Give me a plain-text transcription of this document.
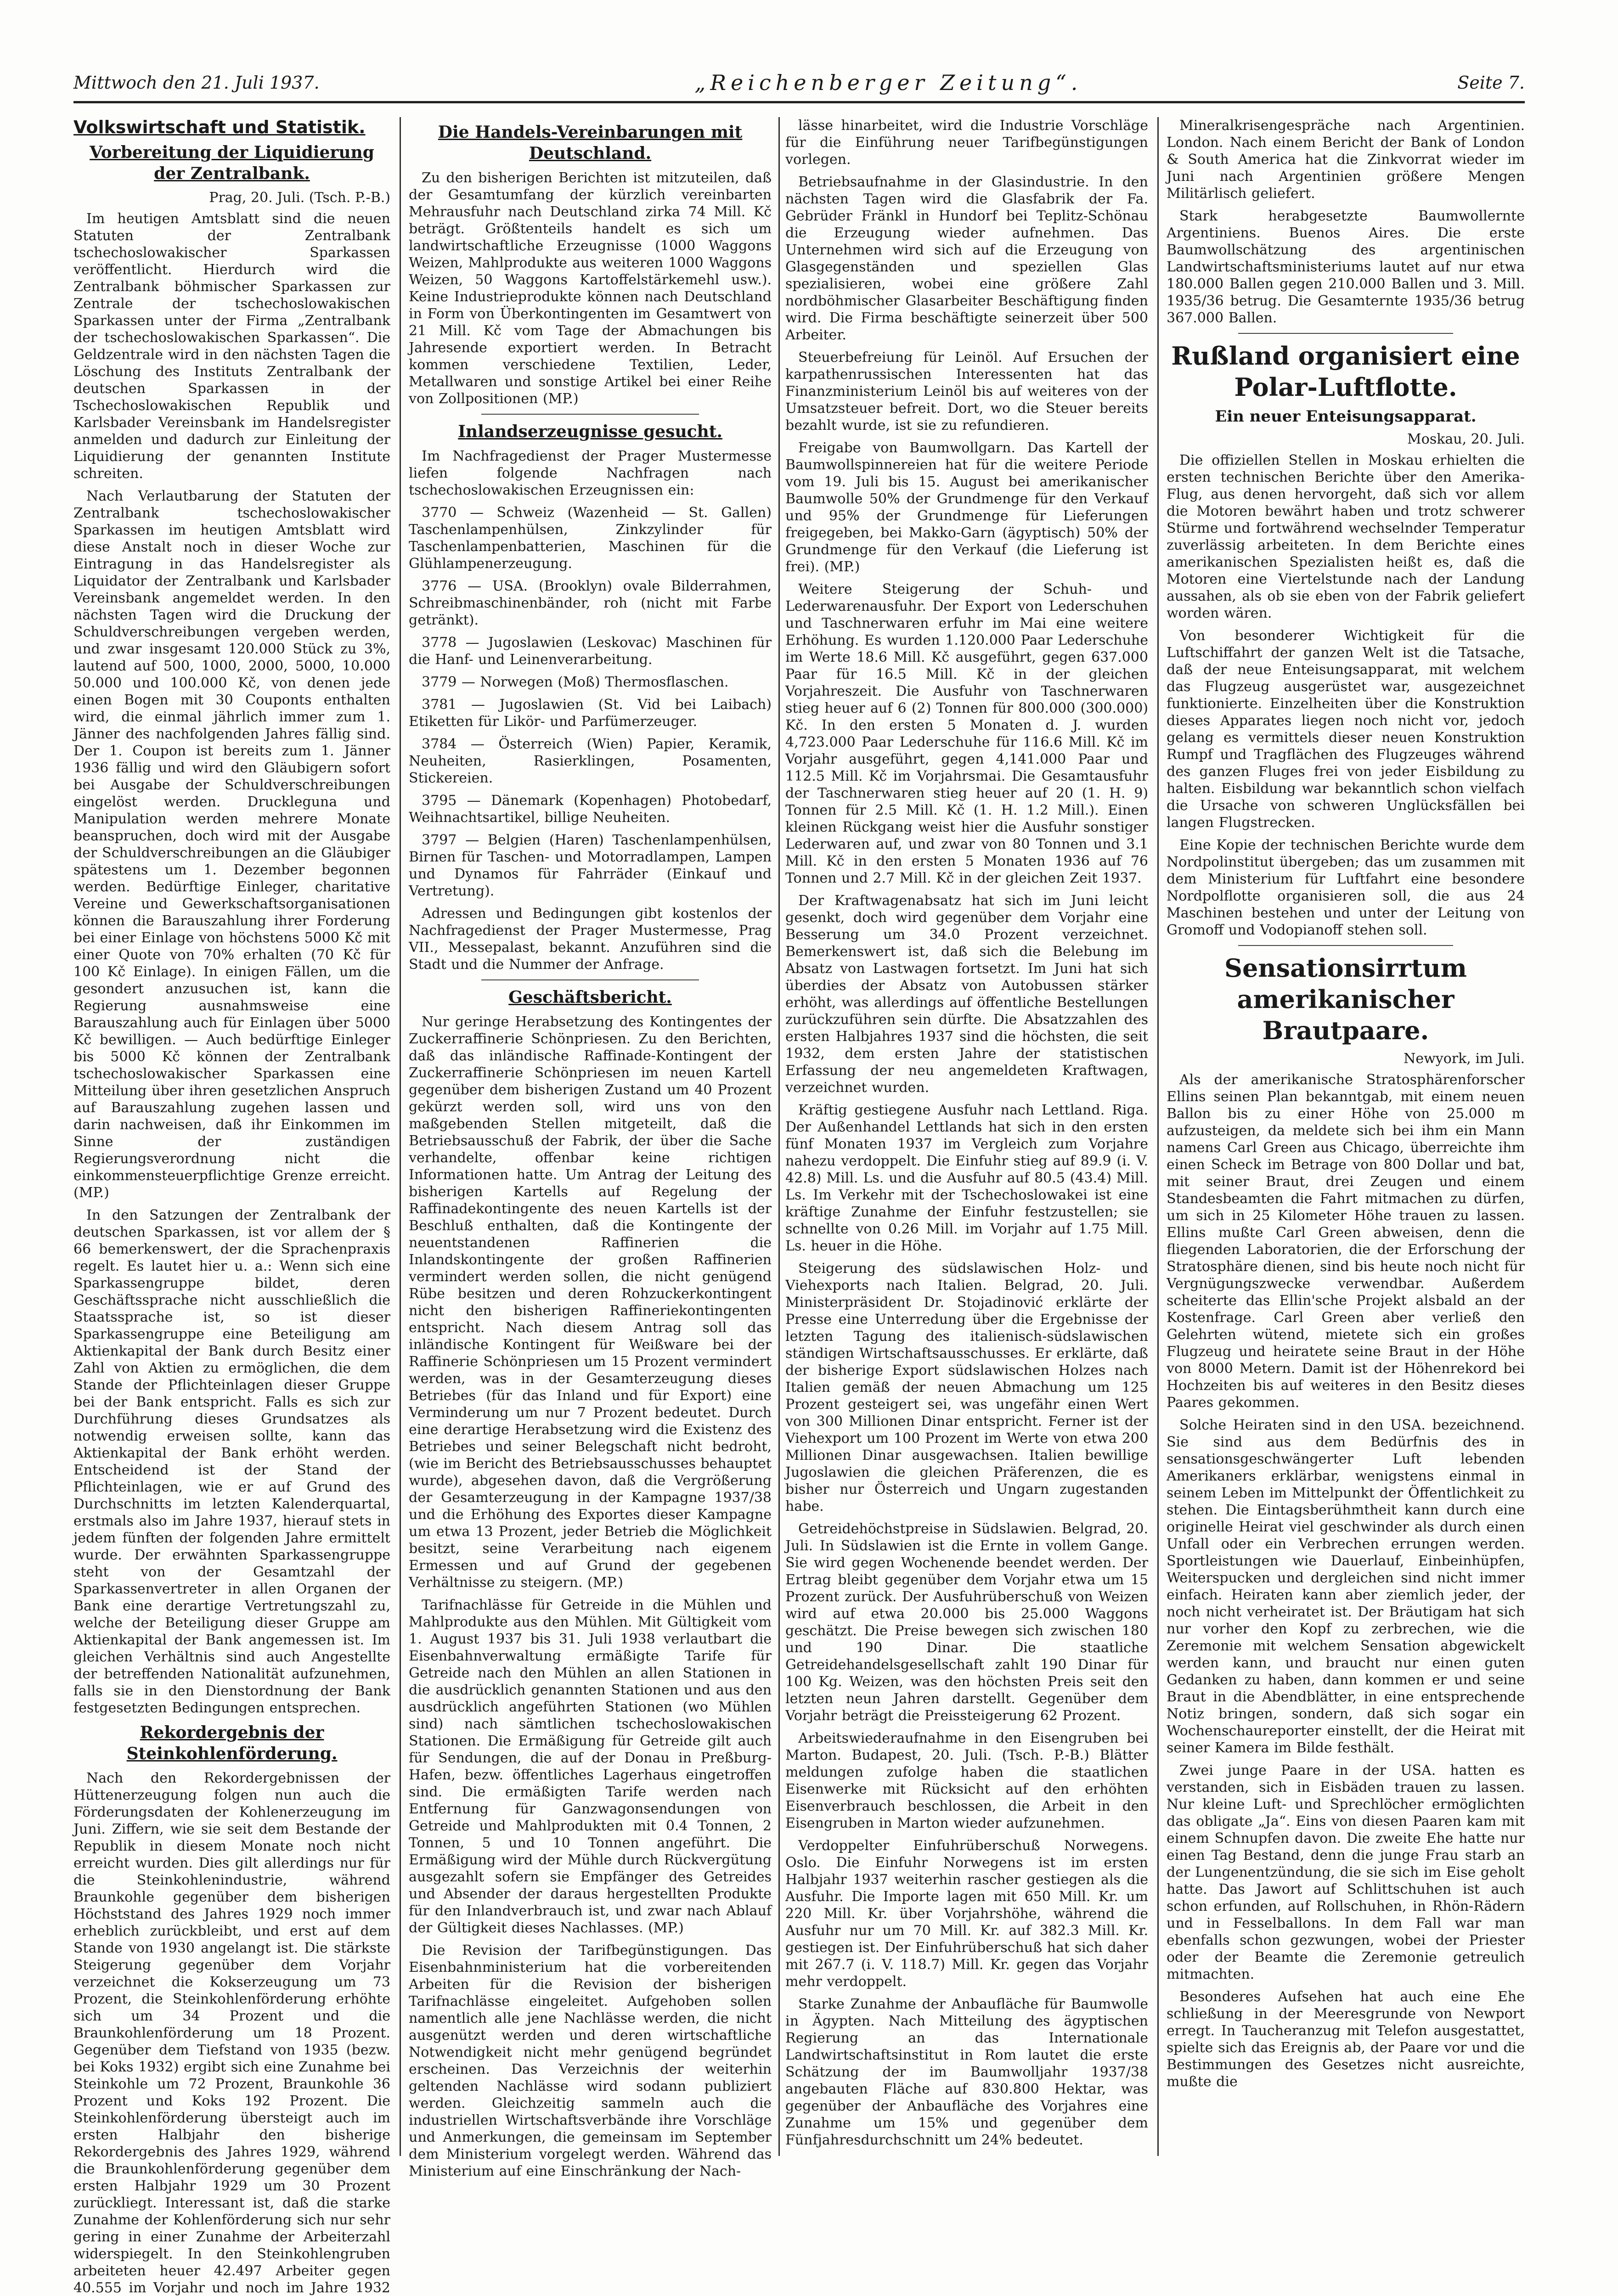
Mittwoch den 21. Juli 1937.	„Reichenberger Zeitung“.	Seite 7.
Volkswirtschaft und Statistik.
Vorbereitung der Liquidierung der Zentralbank.
Prag, 20. Juli. (Tsch. P.-B.)

Im heutigen Amtsblatt sind die neuen Statuten der Zentralbank tschechoslowakischer Sparkassen veröffentlicht. Hierdurch wird die Zentralbank böhmischer Sparkassen zur Zentrale der tschechoslowakischen Sparkassen unter der Firma „Zentralbank der tschechoslowakischen Sparkassen“. Die Geldzentrale wird in den nächsten Tagen die Löschung des Instituts Zentralbank der deutschen Sparkassen in der Tschechoslowakischen Republik und Karlsbader Vereinsbank im Handelsregister anmelden und dadurch zur Einleitung der Liquidierung der genannten Institute schreiten.

Nach Verlautbarung der Statuten der Zentralbank tschechoslowakischer Sparkassen im heutigen Amtsblatt wird diese Anstalt noch in dieser Woche zur Eintragung in das Handelsregister als Liquidator der Zentralbank und Karlsbader Vereinsbank angemeldet werden. In den nächsten Tagen wird die Druckung der Schuldverschreibungen vergeben werden, und zwar insgesamt 120.000 Stück zu 3%, lautend auf 500, 1000, 2000, 5000, 10.000 50.000 und 100.000 Kč, von denen jede einen Bogen mit 30 Couponts enthalten wird, die einmal jährlich immer zum 1. Jänner des nachfolgenden Jahres fällig sind. Der 1. Coupon ist bereits zum 1. Jänner 1936 fällig und wird den Gläubigern sofort bei Ausgabe der Schuldverschreibungen eingelöst werden. Druckleguna und Manipulation werden mehrere Monate beanspruchen, doch wird mit der Ausgabe der Schuldverschreibungen an die Gläubiger spätestens um 1. Dezember begonnen werden. Bedürftige Einleger, charitative Vereine und Gewerkschaftsorganisationen können die Barauszahlung ihrer Forderung bei einer Einlage von höchstens 5000 Kč mit einer Quote von 70% erhalten (70 Kč für 100 Kč Einlage). In einigen Fällen, um die gesondert anzusuchen ist, kann die Regierung ausnahmsweise eine Barauszahlung auch für Einlagen über 5000 Kč bewilligen. — Auch bedürftige Einleger bis 5000 Kč können der Zentralbank tschechoslowakischer Sparkassen eine Mitteilung über ihren gesetzlichen Anspruch auf Barauszahlung zugehen lassen und darin nachweisen, daß ihr Einkommen im Sinne der zuständigen Regierungsverordnung nicht die einkommensteuerpflichtige Grenze erreicht. (MP.)

In den Satzungen der Zentralbank der deutschen Sparkassen, ist vor allem der § 66 bemerkenswert, der die Sprachenpraxis regelt. Es lautet hier u. a.: Wenn sich eine Sparkassengruppe bildet, deren Geschäftssprache nicht ausschließlich die Staatssprache ist, so ist dieser Sparkassengruppe eine Beteiligung am Aktienkapital der Bank durch Besitz einer Zahl von Aktien zu ermöglichen, die dem Stande der Pflichteinlagen dieser Gruppe bei der Bank entspricht. Falls es sich zur Durchführung dieses Grundsatzes als notwendig erweisen sollte, kann das Aktienkapital der Bank erhöht werden. Entscheidend ist der Stand der Pflichteinlagen, wie er auf Grund des Durchschnitts im letzten Kalenderquartal, erstmals also im Jahre 1937, hierauf stets in jedem fünften der folgenden Jahre ermittelt wurde. Der erwähnten Sparkassengruppe steht von der Gesamtzahl der Sparkassenvertreter in allen Organen der Bank eine derartige Vertretungszahl zu, welche der Beteiligung dieser Gruppe am Aktienkapital der Bank angemessen ist. Im gleichen Verhältnis sind auch Angestellte der betreffenden Nationalität aufzunehmen, falls sie in den Dienstordnung der Bank festgesetzten Bedingungen entsprechen.

Rekordergebnis der Steinkohlenförderung.

Nach den Rekordergebnissen der Hüttenerzeugung folgen nun auch die Förderungsdaten der Kohlenerzeugung im Juni. Ziffern, wie sie seit dem Bestande der Republik in diesem Monate noch nicht erreicht wurden. Dies gilt allerdings nur für die Steinkohlenindustrie, während Braunkohle gegenüber dem bisherigen Höchststand des Jahres 1929 noch immer erheblich zurückbleibt, und erst auf dem Stande von 1930 angelangt ist. Die stärkste Steigerung gegenüber dem Vorjahr verzeichnet die Kokserzeugung um 73 Prozent, die Steinkohlenförderung erhöhte sich um 34 Prozent und die Braunkohlenförderung um 18 Prozent. Gegenüber dem Tiefstand von 1935 (bezw. bei Koks 1932) ergibt sich eine Zunahme bei Steinkohle um 72 Prozent, Braunkohle 36 Prozent und Koks 192 Prozent. Die Steinkohlenförderung übersteigt auch im ersten Halbjahr den bisherige Rekordergebnis des Jahres 1929, während die Braunkohlenförderung gegenüber dem ersten Halbjahr 1929 um 30 Prozent zurückliegt. Interessant ist, daß die starke Zunahme der Kohlenförderung sich nur sehr gering in einer Zunahme der Arbeiterzahl widerspiegelt. In den Steinkohlengruben arbeiteten heuer 42.497 Arbeiter gegen 40.555 im Vorjahr und noch im Jahre 1932

Die Handels-Vereinbarungen mit Deutschland.

Zu den bisherigen Berichten ist mitzuteilen, daß der Gesamtumfang der kürzlich vereinbarten Mehrausfuhr nach Deutschland zirka 74 Mill. Kč beträgt. Größtenteils handelt es sich um landwirtschaftliche Erzeugnisse (1000 Waggons Weizen, Mahlprodukte aus weiteren 1000 Waggons Weizen, 50 Waggons Kartoffelstärkemehl usw.). Keine Industrieprodukte können nach Deutschland in Form von Überkontingenten im Gesamtwert von 21 Mill. Kč vom Tage der Abmachungen bis Jahresende exportiert werden. In Betracht kommen verschiedene Textilien, Leder, Metallwaren und sonstige Artikel bei einer Reihe von Zollpositionen (MP.)

Inlandserzeugnisse gesucht.

Im Nachfragedienst der Prager Mustermesse liefen folgende Nachfragen nach tschechoslowakischen Erzeugnissen ein:

3770 — Schweiz (Wazenheid — St. Gallen) Taschenlampenhülsen, Zinkzylinder für Taschenlampenbatterien, Maschinen für die Glühlampenerzeugung.

3776 — USA. (Brooklyn) ovale Bilderrahmen, Schreibmaschinenbänder, roh (nicht mit Farbe getränkt).

3778 — Jugoslawien (Leskovac) Maschinen für die Hanf- und Leinenverarbeitung.

3779 — Norwegen (Moß) Thermosflaschen.

3781 — Jugoslawien (St. Vid bei Laibach) Etiketten für Likör- und Parfümerzeuger.

3784 — Österreich (Wien) Papier, Keramik, Neuheiten, Rasierklingen, Posamenten, Stickereien.

3795 — Dänemark (Kopenhagen) Photobedarf, Weihnachtsartikel, billige Neuheiten.

3797 — Belgien (Haren) Taschenlampenhülsen, Birnen für Taschen- und Motorradlampen, Lampen und Dynamos für Fahrräder (Einkauf und Vertretung).

Adressen und Bedingungen gibt kostenlos der Nachfragedienst der Prager Mustermesse, Prag VII., Messepalast, bekannt. Anzuführen sind die Stadt und die Nummer der Anfrage.

Geschäftsbericht.

Nur geringe Herabsetzung des Kontingentes der Zuckerraffinerie Schönpriesen. Zu den Berichten, daß das inländische Raffinade-Kontingent der Zuckerraffinerie Schönpriesen im neuen Kartell gegenüber dem bisherigen Zustand um 40 Prozent gekürzt werden soll, wird uns von den maßgebenden Stellen mitgeteilt, daß die Betriebsausschuß der Fabrik, der über die Sache verhandelte, offenbar keine richtigen Informationen hatte. Um Antrag der Leitung des bisherigen Kartells auf Regelung der Raffinadekontingente des neuen Kartells ist der Beschluß enthalten, daß die Kontingente der neuentstandenen Raffinerien die Inlandskontingente der großen Raffinerien vermindert werden sollen, die nicht genügend Rübe besitzen und deren Rohzuckerkontingent nicht den bisherigen Raffineriekontingenten entspricht. Nach diesem Antrag soll das inländische Kontingent für Weißware bei der Raffinerie Schönpriesen um 15 Prozent vermindert werden, was in der Gesamterzeugung dieses Betriebes (für das Inland und für Export) eine Verminderung um nur 7 Prozent bedeutet. Durch eine derartige Herabsetzung wird die Existenz des Betriebes und seiner Belegschaft nicht bedroht, (wie im Bericht des Betriebsausschusses behauptet wurde), abgesehen davon, daß die Vergrößerung der Gesamterzeugung in der Kampagne 1937/38 und die Erhöhung des Exportes dieser Kampagne um etwa 13 Prozent, jeder Betrieb die Möglichkeit besitzt, seine Verarbeitung nach eigenem Ermessen und auf Grund der gegebenen Verhältnisse zu steigern. (MP.)

Tarifnachlässe für Getreide in die Mühlen und Mahlprodukte aus den Mühlen. Mit Gültigkeit vom 1. August 1937 bis 31. Juli 1938 verlautbart die Eisenbahnverwaltung ermäßigte Tarife für Getreide nach den Mühlen an allen Stationen in die ausdrücklich genannten Stationen und aus den ausdrücklich angeführten Stationen (wo Mühlen sind) nach sämtlichen tschechoslowakischen Stationen. Die Ermäßigung für Getreide gilt auch für Sendungen, die auf der Donau in Preßburg-Hafen, bezw. öffentliches Lagerhaus eingetroffen sind. Die ermäßigten Tarife werden nach Entfernung für Ganzwagonsendungen von Getreide und Mahlprodukten mit 0.4 Tonnen, 2 Tonnen, 5 und 10 Tonnen angeführt. Die Ermäßigung wird der Mühle durch Rückvergütung ausgezahlt sofern sie Empfänger des Getreides und Absender der daraus hergestellten Produkte für den Inlandverbrauch ist, und zwar nach Ablauf der Gültigkeit dieses Nachlasses. (MP.)

Die Revision der Tarifbegünstigungen. Das Eisenbahnministerium hat die vorbereitenden Arbeiten für die Revision der bisherigen Tarifnachlässe eingeleitet. Aufgehoben sollen namentlich alle jene Nachlässe werden, die nicht ausgenützt werden und deren wirtschaftliche Notwendigkeit nicht mehr genügend begründet erscheinen. Das Verzeichnis der weiterhin geltenden Nachlässe wird sodann publiziert werden. Gleichzeitig sammeln auch die industriellen Wirtschaftsverbände ihre Vorschläge und Anmerkungen, die gemeinsam im September dem Ministerium vorgelegt werden. Während das Ministerium auf eine Einschränkung der Nach-

lässe hinarbeitet, wird die Industrie Vorschläge für die Einführung neuer Tarifbegünstigungen vorlegen.

Betriebsaufnahme in der Glasindustrie. In den nächsten Tagen wird die Glasfabrik der Fa. Gebrüder Fränkl in Hundorf bei Teplitz-Schönau die Erzeugung wieder aufnehmen. Das Unternehmen wird sich auf die Erzeugung von Glasgegenständen und speziellen Glas spezialisieren, wobei eine größere Zahl nordböhmischer Glasarbeiter Beschäftigung finden wird. Die Firma beschäftigte seinerzeit über 500 Arbeiter.

Steuerbefreiung für Leinöl. Auf Ersuchen der karpathenrussischen Interessenten hat das Finanzministerium Leinöl bis auf weiteres von der Umsatzsteuer befreit. Dort, wo die Steuer bereits bezahlt wurde, ist sie zu refundieren.

Freigabe von Baumwollgarn. Das Kartell der Baumwollspinnereien hat für die weitere Periode vom 19. Juli bis 15. August bei amerikanischer Baumwolle 50% der Grundmenge für den Verkauf und 95% der Grundmenge für Lieferungen freigegeben, bei Makko-Garn (ägyptisch) 50% der Grundmenge für den Verkauf (die Lieferung ist frei). (MP.)

Weitere Steigerung der Schuh- und Lederwarenausfuhr. Der Export von Lederschuhen und Taschnerwaren erfuhr im Mai eine weitere Erhöhung. Es wurden 1.120.000 Paar Lederschuhe im Werte 18.6 Mill. Kč ausgeführt, gegen 637.000 Paar für 16.5 Mill. Kč in der gleichen Vorjahreszeit. Die Ausfuhr von Taschnerwaren stieg heuer auf 6 (2) Tonnen für 800.000 (300.000) Kč. In den ersten 5 Monaten d. J. wurden 4,723.000 Paar Lederschuhe für 116.6 Mill. Kč im Vorjahr ausgeführt, gegen 4,141.000 Paar und 112.5 Mill. Kč im Vorjahrsmai. Die Gesamtausfuhr der Taschnerwaren stieg heuer auf 20 (1. H. 9) Tonnen für 2.5 Mill. Kč (1. H. 1.2 Mill.). Einen kleinen Rückgang weist hier die Ausfuhr sonstiger Lederwaren auf, und zwar von 80 Tonnen und 3.1 Mill. Kč in den ersten 5 Monaten 1936 auf 76 Tonnen und 2.7 Mill. Kč in der gleichen Zeit 1937.

Der Kraftwagenabsatz hat sich im Juni leicht gesenkt, doch wird gegenüber dem Vorjahr eine Besserung um 34.0 Prozent verzeichnet. Bemerkenswert ist, daß sich die Belebung im Absatz von Lastwagen fortsetzt. Im Juni hat sich überdies der Absatz von Autobussen stärker erhöht, was allerdings auf öffentliche Bestellungen zurückzuführen sein dürfte. Die Absatzzahlen des ersten Halbjahres 1937 sind die höchsten, die seit 1932, dem ersten Jahre der statistischen Erfassung der neu angemeldeten Kraftwagen, verzeichnet wurden.

Kräftig gestiegene Ausfuhr nach Lettland. Riga. Der Außenhandel Lettlands hat sich in den ersten fünf Monaten 1937 im Vergleich zum Vorjahre nahezu verdoppelt. Die Einfuhr stieg auf 89.9 (i. V. 42.8) Mill. Ls. und die Ausfuhr auf 80.5 (43.4) Mill. Ls. Im Verkehr mit der Tschechoslowakei ist eine kräftige Zunahme der Einfuhr festzustellen; sie schnellte von 0.26 Mill. im Vorjahr auf 1.75 Mill. Ls. heuer in die Höhe.

Steigerung des südslawischen Holz- und Viehexports nach Italien. Belgrad, 20. Juli. Ministerpräsident Dr. Stojadinović erklärte der Presse eine Unterredung über die Ergebnisse der letzten Tagung des italienisch-südslawischen ständigen Wirtschaftsausschusses. Er erklärte, daß der bisherige Export südslawischen Holzes nach Italien gemäß der neuen Abmachung um 125 Prozent gesteigert sei, was ungefähr einen Wert von 300 Millionen Dinar entspricht. Ferner ist der Viehexport um 100 Prozent im Werte von etwa 200 Millionen Dinar ausgewachsen. Italien bewillige Jugoslawien die gleichen Präferenzen, die es bisher nur Österreich und Ungarn zugestanden habe.

Getreidehöchstpreise in Südslawien. Belgrad, 20. Juli. In Südslawien ist die Ernte in vollem Gange. Sie wird gegen Wochenende beendet werden. Der Ertrag bleibt gegenüber dem Vorjahr etwa um 15 Prozent zurück. Der Ausfuhrüberschuß von Weizen wird auf etwa 20.000 bis 25.000 Waggons geschätzt. Die Preise bewegen sich zwischen 180 und 190 Dinar. Die staatliche Getreidehandelsgesellschaft zahlt 190 Dinar für 100 Kg. Weizen, was den höchsten Preis seit den letzten neun Jahren darstellt. Gegenüber dem Vorjahr beträgt die Preissteigerung 62 Prozent.

Arbeitswiederaufnahme in den Eisengruben bei Marton. Budapest, 20. Juli. (Tsch. P.-B.) Blätter meldungen zufolge haben die staatlichen Eisenwerke mit Rücksicht auf den erhöhten Eisenverbrauch beschlossen, die Arbeit in den Eisengruben in Marton wieder aufzunehmen.

Verdoppelter Einfuhrüberschuß Norwegens. Oslo. Die Einfuhr Norwegens ist im ersten Halbjahr 1937 weiterhin rascher gestiegen als die Ausfuhr. Die Importe lagen mit 650 Mill. Kr. um 220 Mill. Kr. über Vorjahrshöhe, während die Ausfuhr nur um 70 Mill. Kr. auf 382.3 Mill. Kr. gestiegen ist. Der Einfuhrüberschuß hat sich daher mit 267.7 (i. V. 118.7) Mill. Kr. gegen das Vorjahr mehr verdoppelt.

Starke Zunahme der Anbaufläche für Baumwolle in Ägypten. Nach Mitteilung des ägyptischen Regierung an das Internationale Landwirtschaftsinstitut in Rom lautet die erste Schätzung der im Baumwolljahr 1937/38 angebauten Fläche auf 830.800 Hektar, was gegenüber der Anbaufläche des Vorjahres eine Zunahme um 15% und gegenüber dem Fünfjahresdurchschnitt um 24% bedeutet.

Mineralkrisengespräche nach Argentinien. London. Nach einem Bericht der Bank of London & South America hat die Zinkvorrat wieder im Juni nach Argentinien größere Mengen Militärlisch geliefert.

Stark herabgesetzte Baumwollernte Argentiniens. Buenos Aires. Die erste Baumwollschätzung des argentinischen Landwirtschaftsministeriums lautet auf nur etwa 180.000 Ballen gegen 210.000 Ballen und 3. Mill. 1935/36 betrug. Die Gesamternte 1935/36 betrug 367.000 Ballen.

Rußland organisiert eine Polar-Luftflotte.
Ein neuer Enteisungsapparat.
Moskau, 20. Juli.

Die offiziellen Stellen in Moskau erhielten die ersten technischen Berichte über den Amerika-Flug, aus denen hervorgeht, daß sich vor allem die Motoren bewährt haben und trotz schwerer Stürme und fortwährend wechselnder Temperatur zuverlässig arbeiteten. In dem Berichte eines amerikanischen Spezialisten heißt es, daß die Motoren eine Viertelstunde nach der Landung aussahen, als ob sie eben von der Fabrik geliefert worden wären.

Von besonderer Wichtigkeit für die Luftschiffahrt der ganzen Welt ist die Tatsache, daß der neue Enteisungsapparat, mit welchem das Flugzeug ausgerüstet war, ausgezeichnet funktionierte. Einzelheiten über die Konstruktion dieses Apparates liegen noch nicht vor, jedoch gelang es vermittels dieser neuen Konstruktion Rumpf und Tragflächen des Flugzeuges während des ganzen Fluges frei von jeder Eisbildung zu halten. Eisbildung war bekanntlich schon vielfach die Ursache von schweren Unglücksfällen bei langen Flugstrecken.

Eine Kopie der technischen Berichte wurde dem Nordpolinstitut übergeben; das um zusammen mit dem Ministerium für Luftfahrt eine besondere Nordpolflotte organisieren soll, die aus 24 Maschinen bestehen und unter der Leitung von Gromoff und Vodopianoff stehen soll.

Sensationsirrtum amerikanischer Brautpaare.
Newyork, im Juli.

Als der amerikanische Stratosphärenforscher Ellins seinen Plan bekanntgab, mit einem neuen Ballon bis zu einer Höhe von 25.000 m aufzusteigen, da meldete sich bei ihm ein Mann namens Carl Green aus Chicago, überreichte ihm einen Scheck im Betrage von 800 Dollar und bat, mit seiner Braut, drei Zeugen und einem Standesbeamten die Fahrt mitmachen zu dürfen, um sich in 25 Kilometer Höhe trauen zu lassen. Ellins mußte Carl Green abweisen, denn die fliegenden Laboratorien, die der Erforschung der Stratosphäre dienen, sind bis heute noch nicht für Vergnügungszwecke verwendbar. Außerdem scheiterte das Ellin'sche Projekt alsbald an der Kostenfrage. Carl Green aber verließ den Gelehrten wütend, mietete sich ein großes Flugzeug und heiratete seine Braut in der Höhe von 8000 Metern. Damit ist der Höhenrekord bei Hochzeiten bis auf weiteres in den Besitz dieses Paares gekommen.

Solche Heiraten sind in den USA. bezeichnend. Sie sind aus dem Bedürfnis des in sensationsgeschwängerter Luft lebenden Amerikaners erklärbar, wenigstens einmal in seinem Leben im Mittelpunkt der Öffentlichkeit zu stehen. Die Eintagsberühmtheit kann durch eine originelle Heirat viel geschwinder als durch einen Unfall oder ein Verbrechen errungen werden. Sportleistungen wie Dauerlauf, Einbeinhüpfen, Weiterspucken und dergleichen sind nicht immer einfach. Heiraten kann aber ziemlich jeder, der noch nicht verheiratet ist. Der Bräutigam hat sich nur vorher den Kopf zu zerbrechen, wie die Zeremonie mit welchem Sensation abgewickelt werden kann, und braucht nur einen guten Gedanken zu haben, dann kommen er und seine Braut in die Abendblätter, in eine entsprechende Notiz bringen, sondern, daß sich sogar ein Wochenschaureporter einstellt, der die Heirat mit seiner Kamera im Bilde festhält.

Zwei junge Paare in der USA. hatten es verstanden, sich in Eisbäden trauen zu lassen. Nur kleine Luft- und Sprechlöcher ermöglichten das obligate „Ja“. Eins von diesen Paaren kam mit einem Schnupfen davon. Die zweite Ehe hatte nur einen Tag Bestand, denn die junge Frau starb an der Lungenentzündung, die sie sich im Eise geholt hatte. Das Jawort auf Schlittschuhen ist auch schon erfunden, auf Rollschuhen, in Rhön-Rädern und in Fesselballons. In dem Fall war man ebenfalls schon gezwungen, wobei der Priester oder der Beamte die Zeremonie getreulich mitmachten.

Besonderes Aufsehen hat auch eine Ehe schließung in der Meeresgrunde von Newport erregt. In Taucheranzug mit Telefon ausgestattet, spielte sich das Ereignis ab, der Paare vor und die Bestimmungen des Gesetzes nicht ausreichte, mußte die
